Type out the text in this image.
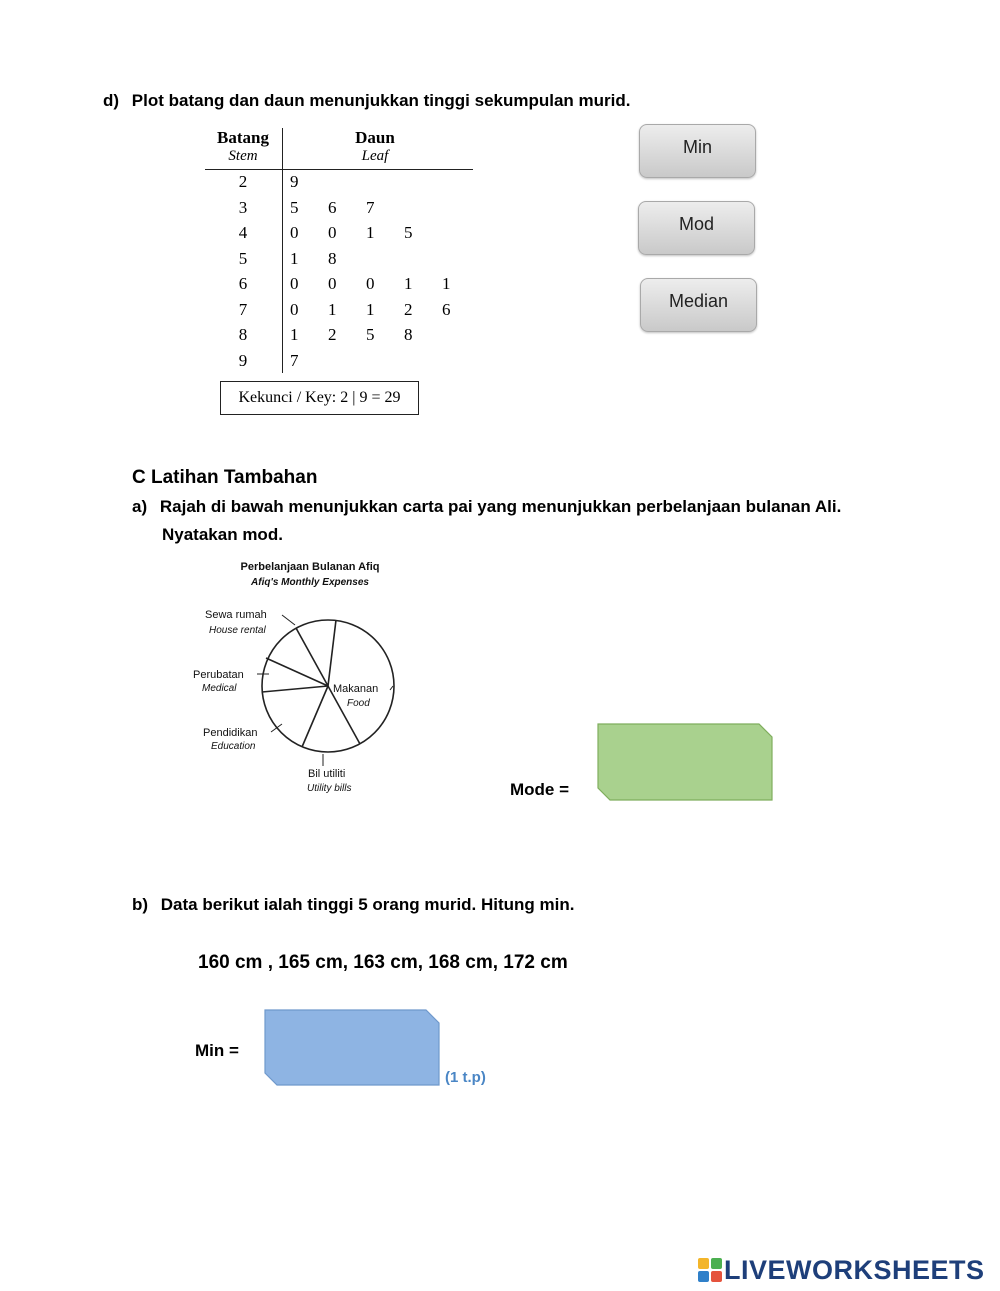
d) Plot batang dan daun menunjukkan tinggi sekumpulan murid.
Batang
Stem
Daun
Leaf
2	9
3	5 6 7
4	0 0 1 5
5	1 8
6	0 0 0 1 1
7	0 1 1 2 6
8	1 2 5 8
9	7
Kekunci / Key: 2 | 9 = 29
Min
Mod
Median
C Latihan Tambahan
a) Rajah di bawah menunjukkan carta pai yang menunjukkan perbelanjaan bulanan Ali.
Nyatakan mod.
Perbelanjaan Bulanan Afiq
Afiq's Monthly Expenses
Makanan
Food
Bil utiliti
Utility bills
Pendidikan
Education
Perubatan
Medical
Sewa rumah
House rental
Mode =
b) Data berikut ialah tinggi 5 orang murid. Hitung min.
160 cm , 165 cm, 163 cm, 168 cm, 172 cm
Min =
(1 t.p)
LIVEWORKSHEETS
